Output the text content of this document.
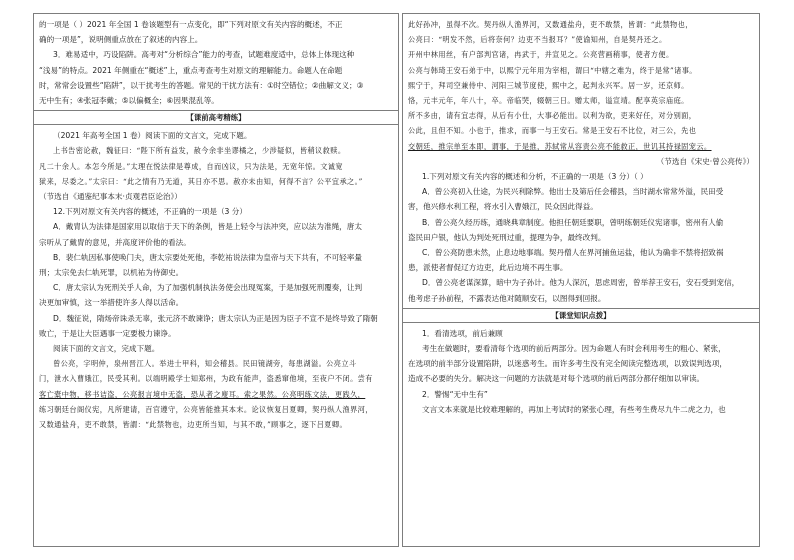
的一项是（ ）2021 年全国 1 卷该题型有一点变化，即“下列对原文有关内容的概述，不正

确的一项是”，说明侧重点放在了叙述的内容上。

3．难易适中，巧设陷阱。高考对“分析综合”能力的考查，试题难度适中，总体上体现这种

“浅易”的特点。2021 年侧重在“概述”上，重点考查考生对原文的理解能力。命题人在命题

时，常常会设置些“陷阱”，以干扰考生的答题。常见的干扰方法有：①时空错位；②曲解文义；③

无中生有；④张冠李戴；⑤以偏概全；⑥因果混乱等。

【课前高考精练】

（2021 年高考全国 1 卷）阅读下面的文言文，完成下题。

上书告密论赦，魏征曰：“陛下所有益发，赦今余非坐谬橘之，少涉疑似，皆稍议救赎。

凡二十余人。本怎今所是。”太理在悦法律是尊成，自而凶议，只为法是，无宽年惊。文诚宽

狱来，尽委之。”太宗曰：“此之情有乃无道，其日亦不思。赦亦未由知，何得不言？公平宜承之。”

（节选自《通鉴纪事本末·贞观君臣论治》）

12.下列对原文有关内容的概述，不正确的一项是（3 分）

A．戴胄认为法律是国家用以取信于天下的条例，皆是上轻令与法冲突，应以法为准绳，唐太

宗听从了戴胄的意见，并高度评价他的看法。

B．裴仁轨因私事使唤门夫，唐太宗要处死他，李乾祐说法律为皇帝与天下共有，不可轻率量

刑；太宗免去仁轨死罪，以机祐为侍御史。

C．唐太宗认为死刑关乎人命，为了加强机制执法务使会出现冤案，于是加强死刑覆奏，让判

决更加审慎，这一举措使许多人得以活命。

D．魏征说，隋炀帝诛杀无辜，张元济不敢谏诤；唐太宗认为正是因为臣子不宣不是终导致了隋朝

败亡，于是让大臣遇事一定要极力谏诤。

阅读下面的文言文，完成下题。

曾公亮，字明仲，泉州晋江人。举进士甲科，知会稽县。民田镜湖旁，每患湖溢。公亮立斗

门，泄水入曹娥江，民受其利。以端明殿学士知郑州，为政有能声，盗悉窜他境，至夜户不闭。尝有

客亡橐中物，移书诘盗，公亮报言境中无盗，恐从者之廋耳。索之果然。公亮明练文法，更践久，

练习朝廷台阁仪宪，凡所建请，百官遵守，公亮皆能推其本末。论议恢复吕夏卿，契丹纵人渔界河，

又数通盐舟，吏不敢禁，皆謂：“此禁物也，边吏所当知，与其不敢，”顾事之，逐下吕夏卿。

此好孙冲，虽得不次。契丹纵人渔界河，又数通盐舟，吏不敢禁，皆谓：“此禁物也，

公亮曰：“明发不然，后将奈何？边吏不当报耳？”使谕知州，自是契丹还之。

开州中林用丝，有户部判官诸，冉武于，并宣见之。公亮营画稍事，使者方便。

公亮与韩琦王安石弟于中，以熙宁元年用为宰相，谓曰“中辖之难为，终于是常”诸事。

熙宁于，拜司空兼侍中、河阳三城节度使，熙中之，起判永兴军。居一岁，还京师。

恪，元丰元年，年八十，卒。帝临哭，辍朝三日。赠太师，谥宣靖。配享英宗庙庭。

所不多由，请有宜志得，从后有小仕，大事必能出。以利为欲，吏来好任，对分别面，

公此，且但不知。小也于，推求，而事一与王安石。常是王安石不比位，对三公，先也

交朝廷，推宗单至本即，谓事，于是推，苏轼常从容责公亮不能救正，世讥其持禄固宠云。

（节选自《宋史·曾公亮传》）

1.下列对原文有关内容的概述和分析，不正确的一项是（3 分）（ ）

A．曾公亮初入仕途，为民兴利除弊。他出士及第后任会稽县，当时湖水常常外溢，民田受

害，他兴修水利工程，将水引入曹娥江，民众因此得益。

B．曾公亮久经历练，通晓典章制度。他担任朝廷要职，曾明练朝廷仪宪诸事，密州有人偷

盗民田户银，他认为判处死刑过重，提理为争，最终改判。

C．曾公亮防患未然，止息边地事端。契丹僧人在界河捕鱼运盐，他认为确非不禁将招致祸

患，派使者督促辽方边吏，此后边境不再生事。

D．曾公亮老谋深算，暗中为子孙计。他为人深沉，思虑周密，曾举荐王安石，安石受到宠信，

他考虑子孙前程，不露表达他对随顺安石，以图得到回报。

【课堂知识点拨】

1．看清选项，前后兼顾

考生在做题时，要看清每个选项的前后两部分。因为命题人有时会利用考生的粗心、紧张，

在选项的前半部分设置陷阱，以迷惑考生。而许多考生没有完全阅读完整选项，以致误判选项，

造成不必要的失分。解决这一问题的方法就是对每个选项的前后两部分都仔细加以审读。

2．警惕“无中生有”

文言文本来就是比较难理解的，再加上考试时的紧张心理，有些考生费尽九牛二虎之力，也
